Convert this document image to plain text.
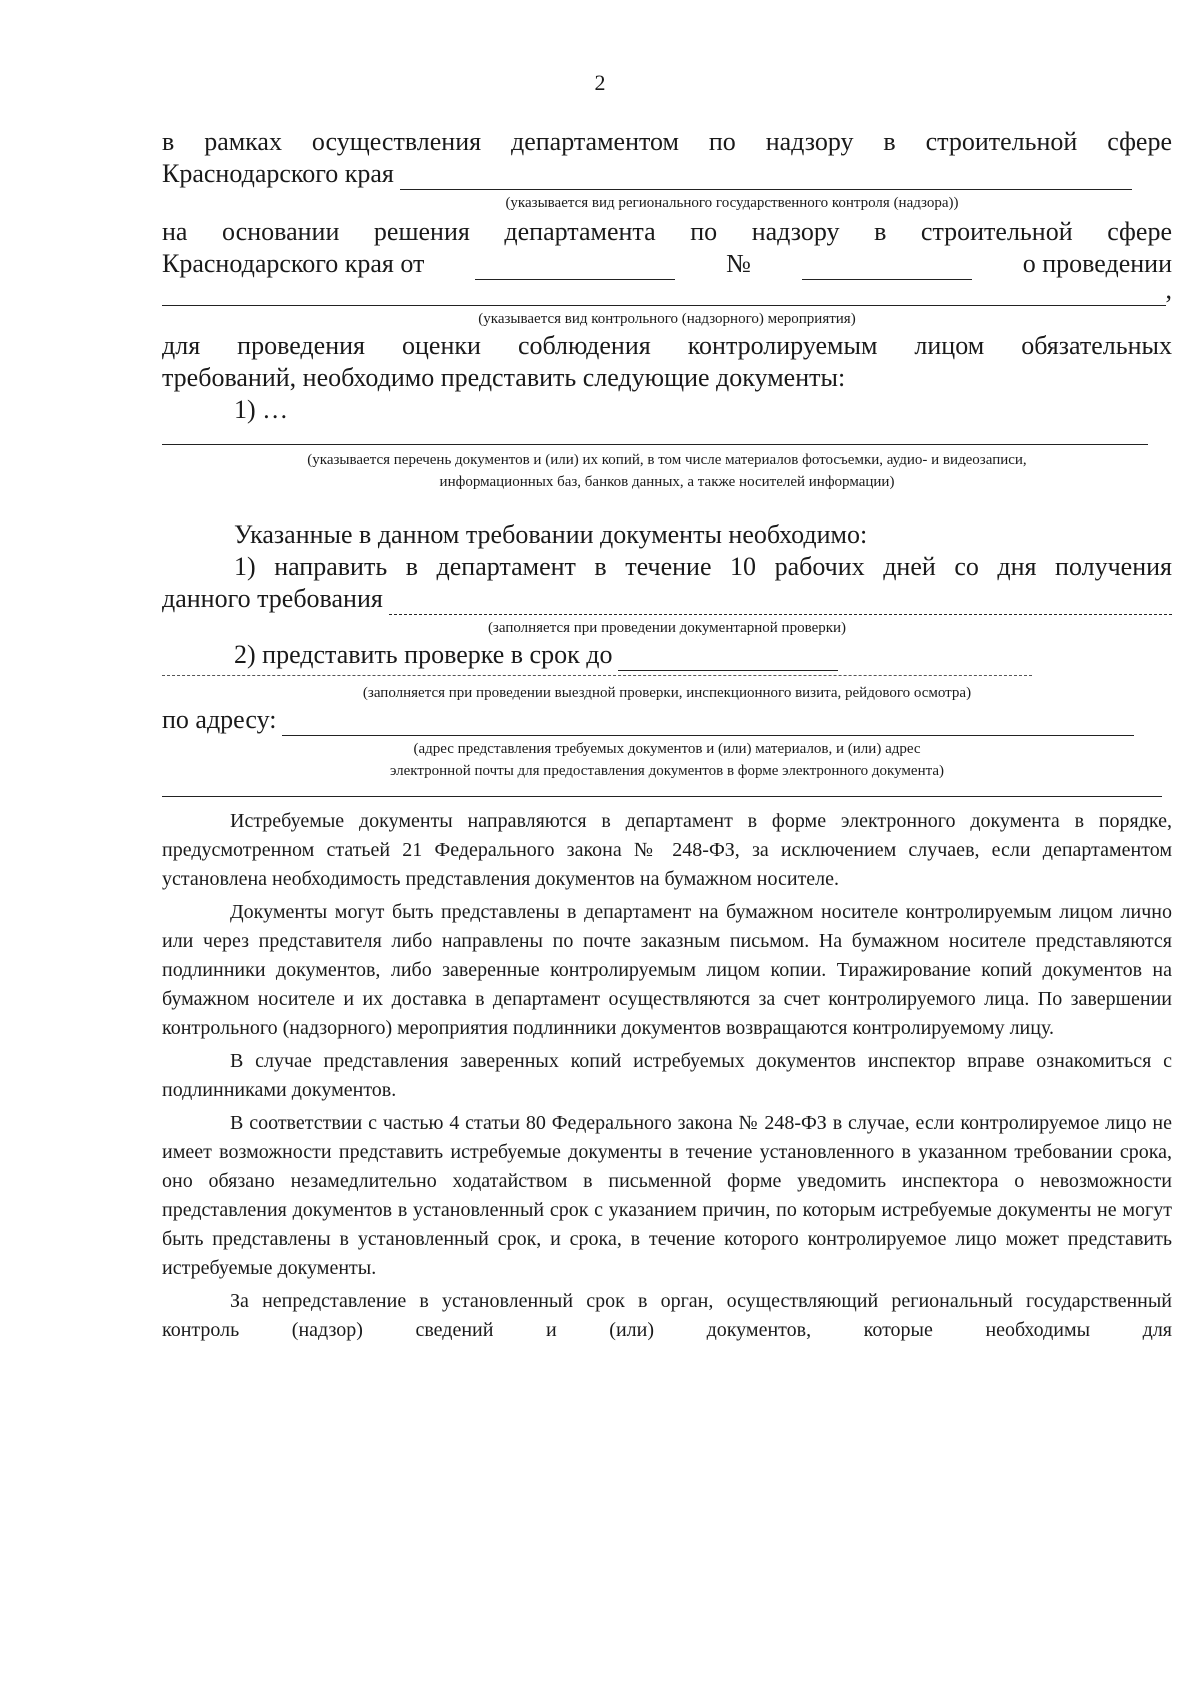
2

в рамках осуществления департаментом по надзору в строительной сфере

Краснодарского края

(указывается вид регионального государственного контроля (надзора))

на основании решения департамента по надзору в строительной сфере

Краснодарского края от	№	о проведении
,

(указывается вид контрольного (надзорного) мероприятия)

для проведения оценки соблюдения контролируемым лицом обязательных

требований, необходимо представить следующие документы:

1) …

(указывается перечень документов и (или) их копий, в том числе материалов фотосъемки, аудио- и видеозаписи,

информационных баз, банков данных, а также носителей информации)

Указанные в данном требовании документы необходимо:

1) направить в департамент в течение 10 рабочих дней со дня получения

данного требования

(заполняется при проведении документарной проверки)

2) представить проверке в срок до

(заполняется при проведении выездной проверки, инспекционного визита, рейдового осмотра)

по адресу:

(адрес представления требуемых документов и (или) материалов, и (или) адрес

электронной почты для предоставления документов в форме электронного документа)

Истребуемые документы направляются в департамент в форме электронного документа в порядке, предусмотренном статьей 21 Федерального закона № 248-ФЗ, за исключением случаев, если департаментом установлена необходимость представления документов на бумажном носителе.

Документы могут быть представлены в департамент на бумажном носителе контролируемым лицом лично или через представителя либо направлены по почте заказным письмом. На бумажном носителе представляются подлинники документов, либо заверенные контролируемым лицом копии. Тиражирование копий документов на бумажном носителе и их доставка в департамент осуществляются за счет контролируемого лица. По завершении контрольного (надзорного) мероприятия подлинники документов возвращаются контролируемому лицу.

В случае представления заверенных копий истребуемых документов инспектор вправе ознакомиться с подлинниками документов.

В соответствии с частью 4 статьи 80 Федерального закона № 248-ФЗ в случае, если контролируемое лицо не имеет возможности представить истребуемые документы в течение установленного в указанном требовании срока, оно обязано незамедлительно ходатайством в письменной форме уведомить инспектора о невозможности представления документов в установленный срок с указанием причин, по которым истребуемые документы не могут быть представлены в установленный срок, и срока, в течение которого контролируемое лицо может представить истребуемые документы.

За непредставление в установленный срок в орган, осуществляющий региональный государственный контроль (надзор) сведений и (или) документов, которые необходимы для
